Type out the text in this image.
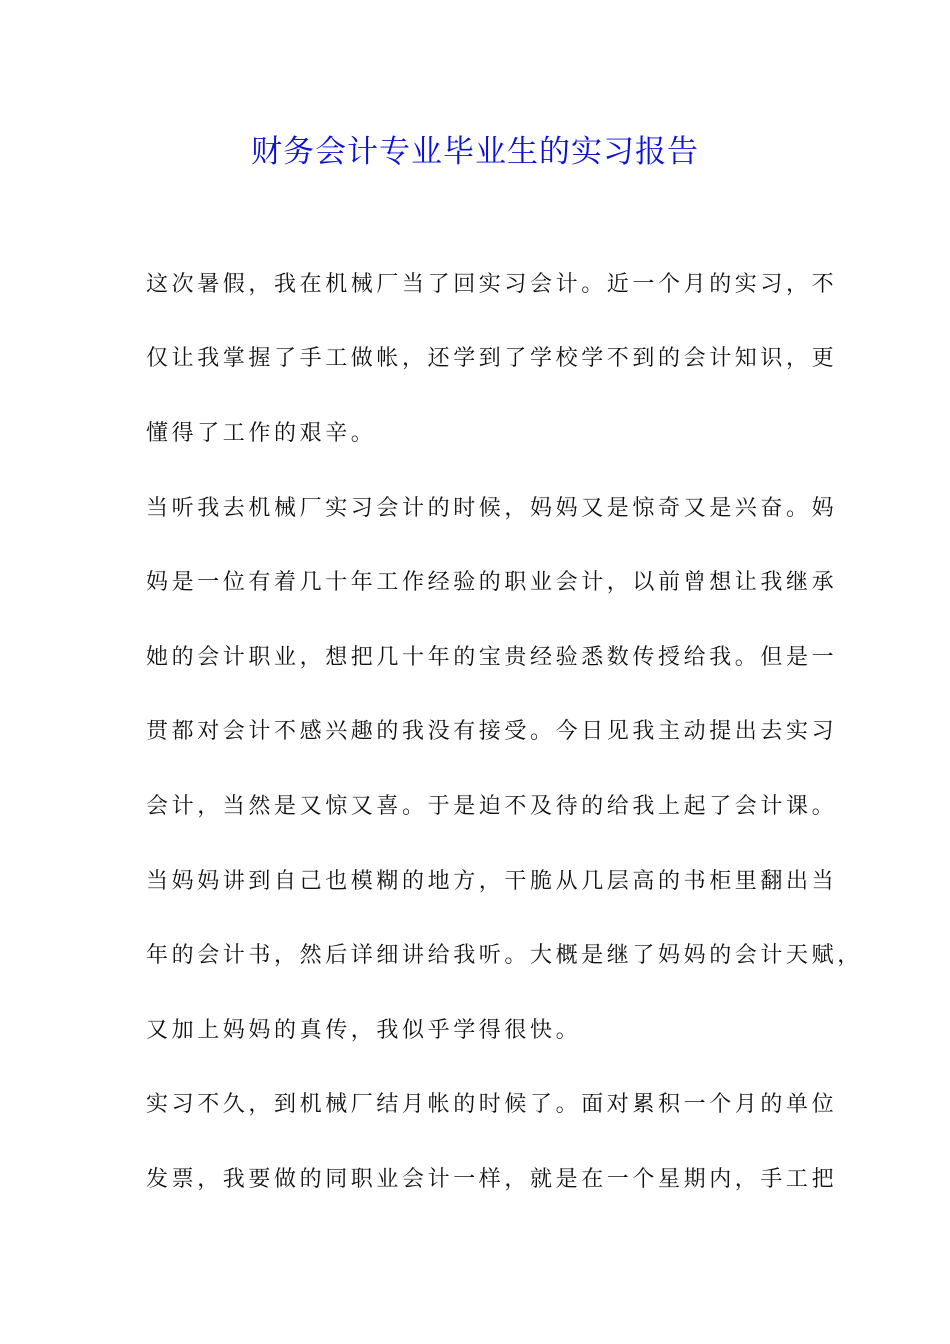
财务会计专业毕业生的实习报告
这次暑假，我在机械厂当了回实习会计。近一个月的实习，不
仅让我掌握了手工做帐，还学到了学校学不到的会计知识，更
懂得了工作的艰辛。
当听我去机械厂实习会计的时候，妈妈又是惊奇又是兴奋。妈
妈是一位有着几十年工作经验的职业会计，以前曾想让我继承
她的会计职业，想把几十年的宝贵经验悉数传授给我。但是一
贯都对会计不感兴趣的我没有接受。今日见我主动提出去实习
会计，当然是又惊又喜。于是迫不及待的给我上起了会计课。
当妈妈讲到自己也模糊的地方，干脆从几层高的书柜里翻出当
年的会计书，然后详细讲给我听。大概是继了妈妈的会计天赋，
又加上妈妈的真传，我似乎学得很快。
实习不久，到机械厂结月帐的时候了。面对累积一个月的单位
发票，我要做的同职业会计一样，就是在一个星期内，手工把
